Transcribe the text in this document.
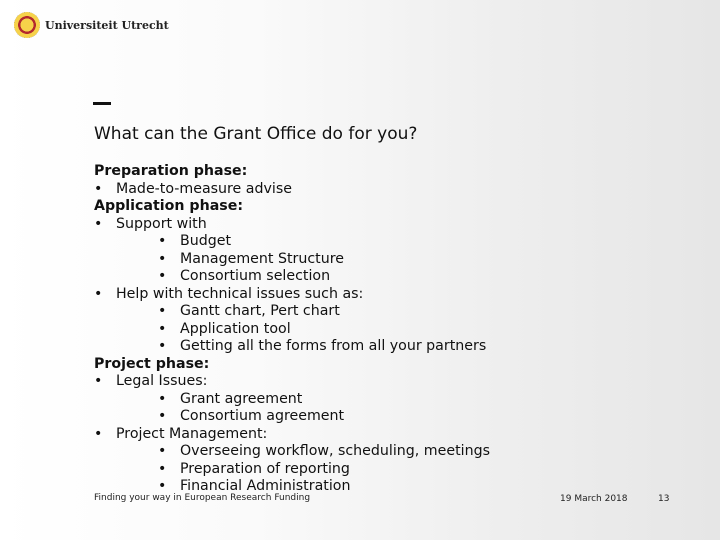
Universiteit Utrecht
What can the Grant Office do for you?
Preparation phase:
• Made-to-measure advise
Application phase:
• Support with
• Budget
• Management Structure
• Consortium selection
• Help with technical issues such as:
• Gantt chart, Pert chart
• Application tool
• Getting all the forms from all your partners
Project phase:
• Legal Issues:
• Grant agreement
• Consortium agreement
• Project Management:
• Overseeing workflow, scheduling, meetings
• Preparation of reporting
• Financial Administration
Finding your way in European Research Funding	19 March 2018	13
